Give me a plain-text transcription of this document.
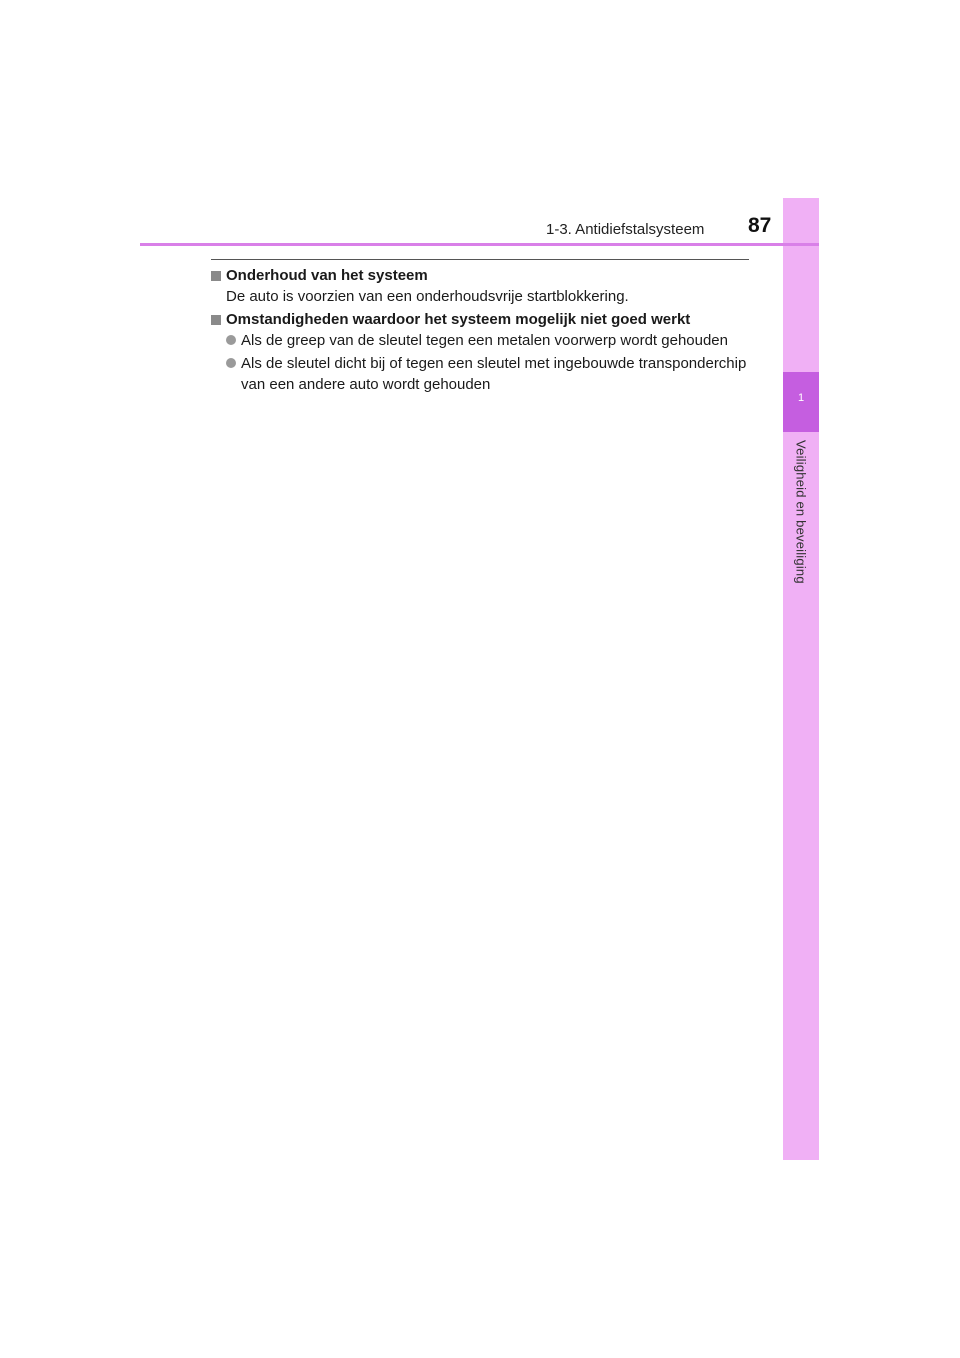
1
Veiligheid en beveiliging
1-3. Antidiefstalsysteem 87
Onderhoud van het systeem
De auto is voorzien van een onderhoudsvrije startblokkering.
Omstandigheden waardoor het systeem mogelijk niet goed werkt
Als de greep van de sleutel tegen een metalen voorwerp wordt gehouden
Als de sleutel dicht bij of tegen een sleutel met ingebouwde transponderchip van een andere auto wordt gehouden
